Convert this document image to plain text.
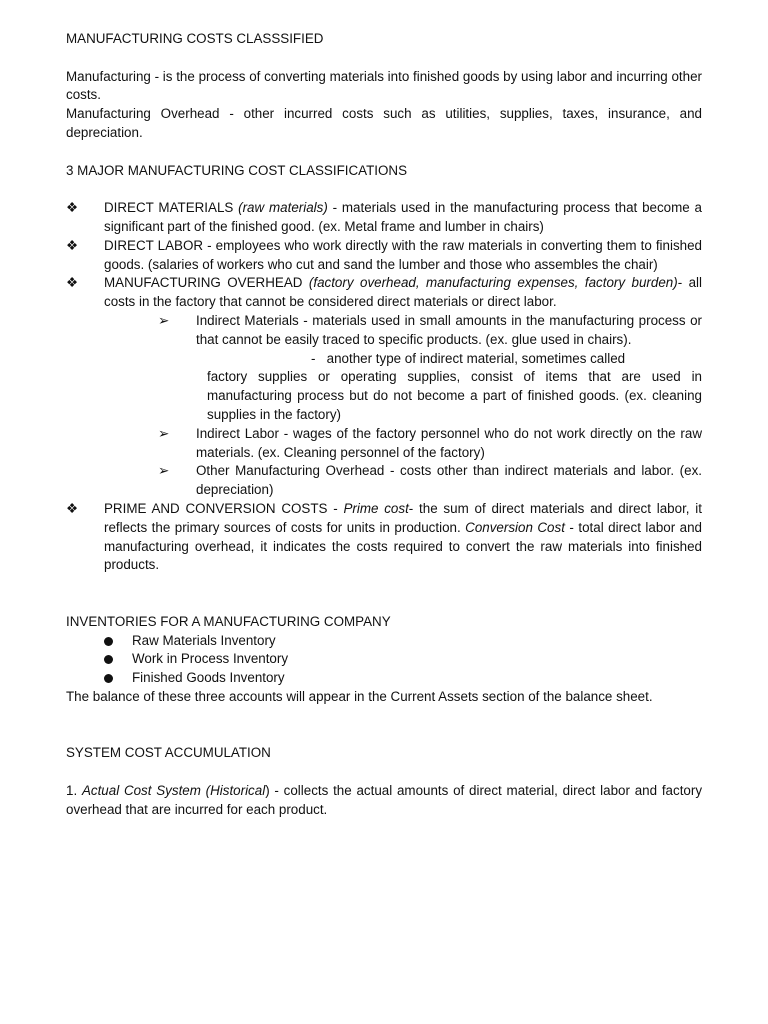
MANUFACTURING COSTS CLASSSIFIED

Manufacturing - is the process of converting materials into finished goods by using labor and incurring other costs.

Manufacturing Overhead - other incurred costs such as utilities, supplies, taxes, insurance, and depreciation.

3 MAJOR MANUFACTURING COST CLASSIFICATIONS

❖ DIRECT MATERIALS (raw materials) - materials used in the manufacturing process that become a significant part of the finished good. (ex. Metal frame and lumber in chairs)
❖ DIRECT LABOR - employees who work directly with the raw materials in converting them to finished goods. (salaries of workers who cut and sand the lumber and those who assembles the chair)
❖ MANUFACTURING OVERHEAD (factory overhead, manufacturing expenses, factory burden)- all costs in the factory that cannot be considered direct materials or direct labor.
➢ Indirect Materials - materials used in small amounts in the manufacturing process or that cannot be easily traced to specific products. (ex. glue used in chairs).
- another type of indirect material, sometimes called
factory supplies or operating supplies, consist of items that are used in manufacturing process but do not become a part of finished goods. (ex. cleaning supplies in the factory)
➢ Indirect Labor - wages of the factory personnel who do not work directly on the raw materials. (ex. Cleaning personnel of the factory)
➢ Other Manufacturing Overhead - costs other than indirect materials and labor. (ex. depreciation)
❖ PRIME AND CONVERSION COSTS - Prime cost- the sum of direct materials and direct labor, it reflects the primary sources of costs for units in production. Conversion Cost - total direct labor and manufacturing overhead, it indicates the costs required to convert the raw materials into finished products.

INVENTORIES FOR A MANUFACTURING COMPANY

Raw Materials Inventory
Work in Process Inventory
Finished Goods Inventory

The balance of these three accounts will appear in the Current Assets section of the balance sheet.

SYSTEM COST ACCUMULATION

1. Actual Cost System (Historical) - collects the actual amounts of direct material, direct labor and factory overhead that are incurred for each product.
